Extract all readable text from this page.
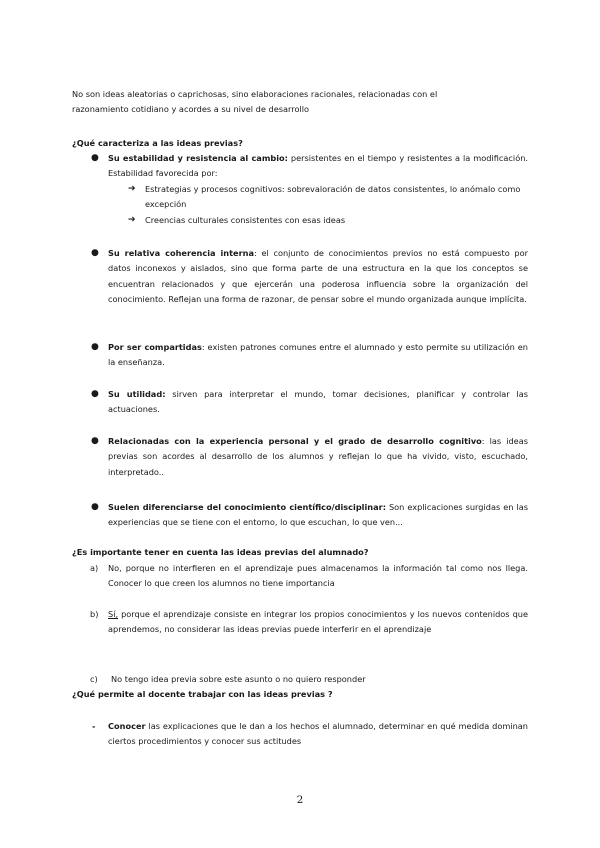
No son ideas aleatorias o caprichosas, sino elaboraciones racionales, relacionadas con el razonamiento cotidiano y acordes a su nivel de desarrollo
¿Qué caracteriza a las ideas previas?
● Su estabilidad y resistencia al cambio: persistentes en el tiempo y resistentes a la modificación. Estabilidad favorecida por:
➔ Estrategias y procesos cognitivos: sobrevaloración de datos consistentes, lo anómalo como excepción
➔ Creencias culturales consistentes con esas ideas
● Su relativa coherencia interna: el conjunto de conocimientos previos no está compuesto por datos inconexos y aislados, sino que forma parte de una estructura en la que los conceptos se encuentran relacionados y que ejercerán una poderosa influencia sobre la organización del conocimiento. Reflejan una forma de razonar, de pensar sobre el mundo organizada aunque implícita.
● Por ser compartidas: existen patrones comunes entre el alumnado y esto permite su utilización en la enseñanza.
● Su utilidad: sirven para interpretar el mundo, tomar decisiones, planificar y controlar las actuaciones.
● Relacionadas con la experiencia personal y el grado de desarrollo cognitivo: las ideas previas son acordes al desarrollo de los alumnos y reflejan lo que ha vivido, visto, escuchado, interpretado..
● Suelen diferenciarse del conocimiento científico/disciplinar: Son explicaciones surgidas en las experiencias que se tiene con el entorno, lo que escuchan, lo que ven...
¿Es importante tener en cuenta las ideas previas del alumnado?
a) No, porque no interfieren en el aprendizaje pues almacenamos la información tal como nos llega. Conocer lo que creen los alumnos no tiene importancia
b) Sí, porque el aprendizaje consiste en integrar los propios conocimientos y los nuevos contenidos que aprendemos, no considerar las ideas previas puede interferir en el aprendizaje
c) No tengo idea previa sobre este asunto o no quiero responder
¿Qué permite al docente trabajar con las ideas previas ?
- Conocer las explicaciones que le dan a los hechos el alumnado, determinar en qué medida dominan ciertos procedimientos y conocer sus actitudes
2
